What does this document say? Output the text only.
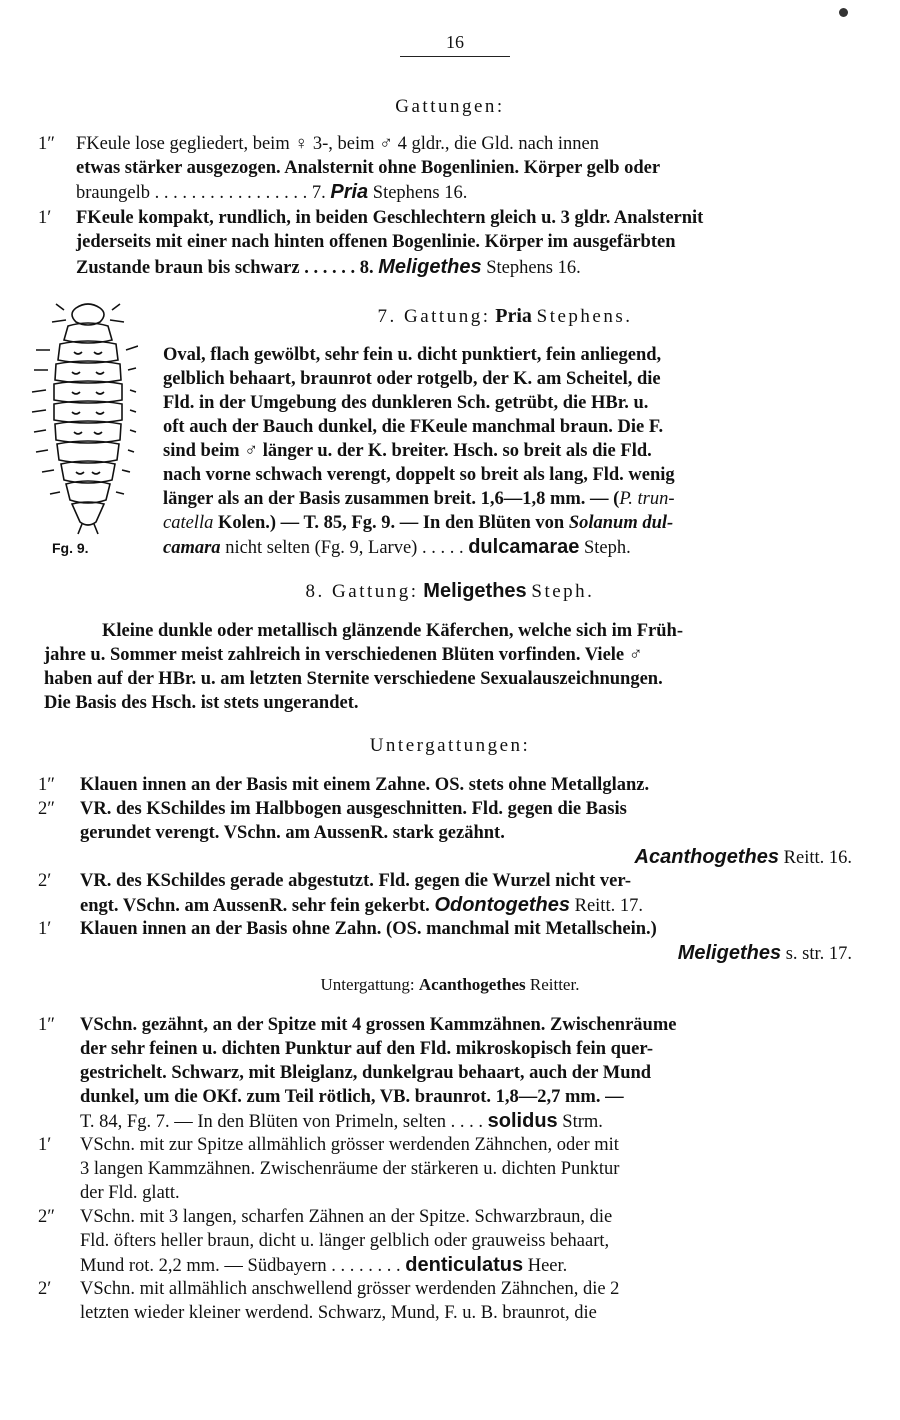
16
Gattungen:
1″ FKeule lose gegliedert, beim ♀ 3-, beim ♂ 4 gldr., die Gld. nach innen
etwas stärker ausgezogen. Analsternit ohne Bogenlinien. Körper gelb oder
braungelb . . . . . . . . . . . . . . . . . 7. Pria Stephens 16.
1′ FKeule kompakt, rundlich, in beiden Geschlechtern gleich u. 3 gldr. Analsternit
jederseits mit einer nach hinten offenen Bogenlinie. Körper im ausgefärbten
Zustande braun bis schwarz . . . . . . 8. Meligethes Stephens 16.
Fg. 9.
7. Gattung: Pria Stephens.
Oval, flach gewölbt, sehr fein u. dicht punktiert, fein anliegend,
gelblich behaart, braunrot oder rotgelb, der K. am Scheitel, die
Fld. in der Umgebung des dunkleren Sch. getrübt, die HBr. u.
oft auch der Bauch dunkel, die FKeule manchmal braun. Die F.
sind beim ♂ länger u. der K. breiter. Hsch. so breit als die Fld.
nach vorne schwach verengt, doppelt so breit als lang, Fld. wenig
länger als an der Basis zusammen breit. 1,6—1,8 mm. — (P. trun-
catella Kolen.) — T. 85, Fg. 9. — In den Blüten von Solanum dul-
camara nicht selten (Fg. 9, Larve) . . . . . dulcamarae Steph.
8. Gattung: Meligethes Steph.
Kleine dunkle oder metallisch glänzende Käferchen, welche sich im Früh-
jahre u. Sommer meist zahlreich in verschiedenen Blüten vorfinden. Viele ♂
haben auf der HBr. u. am letzten Sternite verschiedene Sexualauszeichnungen.
Die Basis des Hsch. ist stets ungerandet.
Untergattungen:
1″ Klauen innen an der Basis mit einem Zahne. OS. stets ohne Metallglanz.
2″ VR. des KSchildes im Halbbogen ausgeschnitten. Fld. gegen die Basis
gerundet verengt. VSchn. am AussenR. stark gezähnt.
Acanthogethes Reitt. 16.
2′ VR. des KSchildes gerade abgestutzt. Fld. gegen die Wurzel nicht ver-
engt. VSchn. am AussenR. sehr fein gekerbt. Odontogethes Reitt. 17.
1′ Klauen innen an der Basis ohne Zahn. (OS. manchmal mit Metallschein.)
Meligethes s. str. 17.
Untergattung: Acanthogethes Reitter.
1″ VSchn. gezähnt, an der Spitze mit 4 grossen Kammzähnen. Zwischenräume
der sehr feinen u. dichten Punktur auf den Fld. mikroskopisch fein quer-
gestrichelt. Schwarz, mit Bleiglanz, dunkelgrau behaart, auch der Mund
dunkel, um die OKf. zum Teil rötlich, VB. braunrot. 1,8—2,7 mm. —
T. 84, Fg. 7. — In den Blüten von Primeln, selten . . . . solidus Strm.
1′ VSchn. mit zur Spitze allmählich grösser werdenden Zähnchen, oder mit
3 langen Kammzähnen. Zwischenräume der stärkeren u. dichten Punktur
der Fld. glatt.
2″ VSchn. mit 3 langen, scharfen Zähnen an der Spitze. Schwarzbraun, die
Fld. öfters heller braun, dicht u. länger gelblich oder grauweiss behaart,
Mund rot. 2,2 mm. — Südbayern . . . . . . . . denticulatus Heer.
2′ VSchn. mit allmählich anschwellend grösser werdenden Zähnchen, die 2
letzten wieder kleiner werdend. Schwarz, Mund, F. u. B. braunrot, die
